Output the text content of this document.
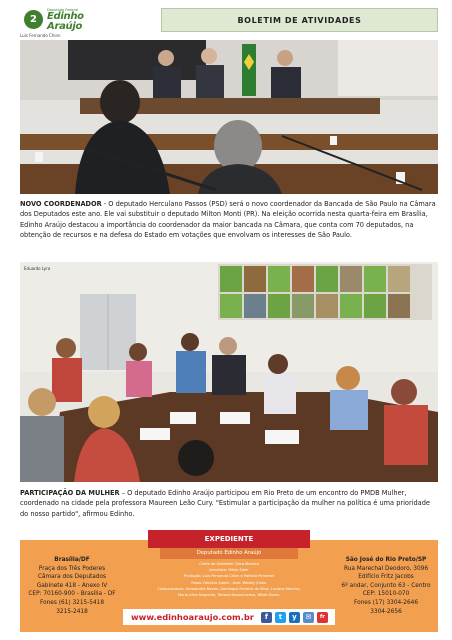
2
Deputado Federal
Edinho Araújo
BOLETIM DE ATIVIDADES
Luis Fernando Chinn
NOVO COORDENADOR - O deputado Herculano Passos (PSD) será o novo coordenador da Bancada de São Paulo na Câmara dos Deputados este ano. Ele vai substituir o deputado Milton Monti (PR). Na eleição ocorrida nesta quarta-feira em Brasília, Edinho Araújo destacou a importância do coordenador da maior bancada na Câmara, que conta com 70 deputados, na obtenção de recursos e na defesa do Estado em votações que envolvam os interesses de São Paulo.
Eduardo Lyra
PARTICIPAÇÃO DA MULHER – O deputado Edinho Araújo participou em Rio Preto de um encontro do PMDB Mulher, coordenado na cidade pela professora Maureen Leão Cury. "Estimular a participação da mulher na política é uma prioridade do nosso partido", afirmou Edinho.
EXPEDIENTE
Deputado Edinho Araújo
Brasília/DF
Praça dos Três Poderes
Câmara dos Deputados
Gabinete 418 - Anexo IV
CEP: 70160-900 - Brasília - DF
Fones (61) 3215-5418
3215-2418
Chefe de Gabinete: Zoca Moreira
Jornalista: Mário Soler
Produção: Luis Fernando Chinn e Patrícia Pimentel
Fotos: Fabrício Sperti - Arte: Wesley Júnior
Colaboradores: Alessandra Neves, Domingos Ferreira da Silva, Luciano Moreira,
Maria Alice Nogueira, Tatiana Nepomuceno, Wilde Dorta.
www.edinhoaraujo.com.br	f	t	y	✉	fr
São José do Rio Preto/SP
Rua Marechal Deodoro, 3096
Edifício Fritz Jacobs
6º andar, Conjunto 63 - Centro
CEP: 15010-070
Fones (17) 3304-2646
3304-2656
